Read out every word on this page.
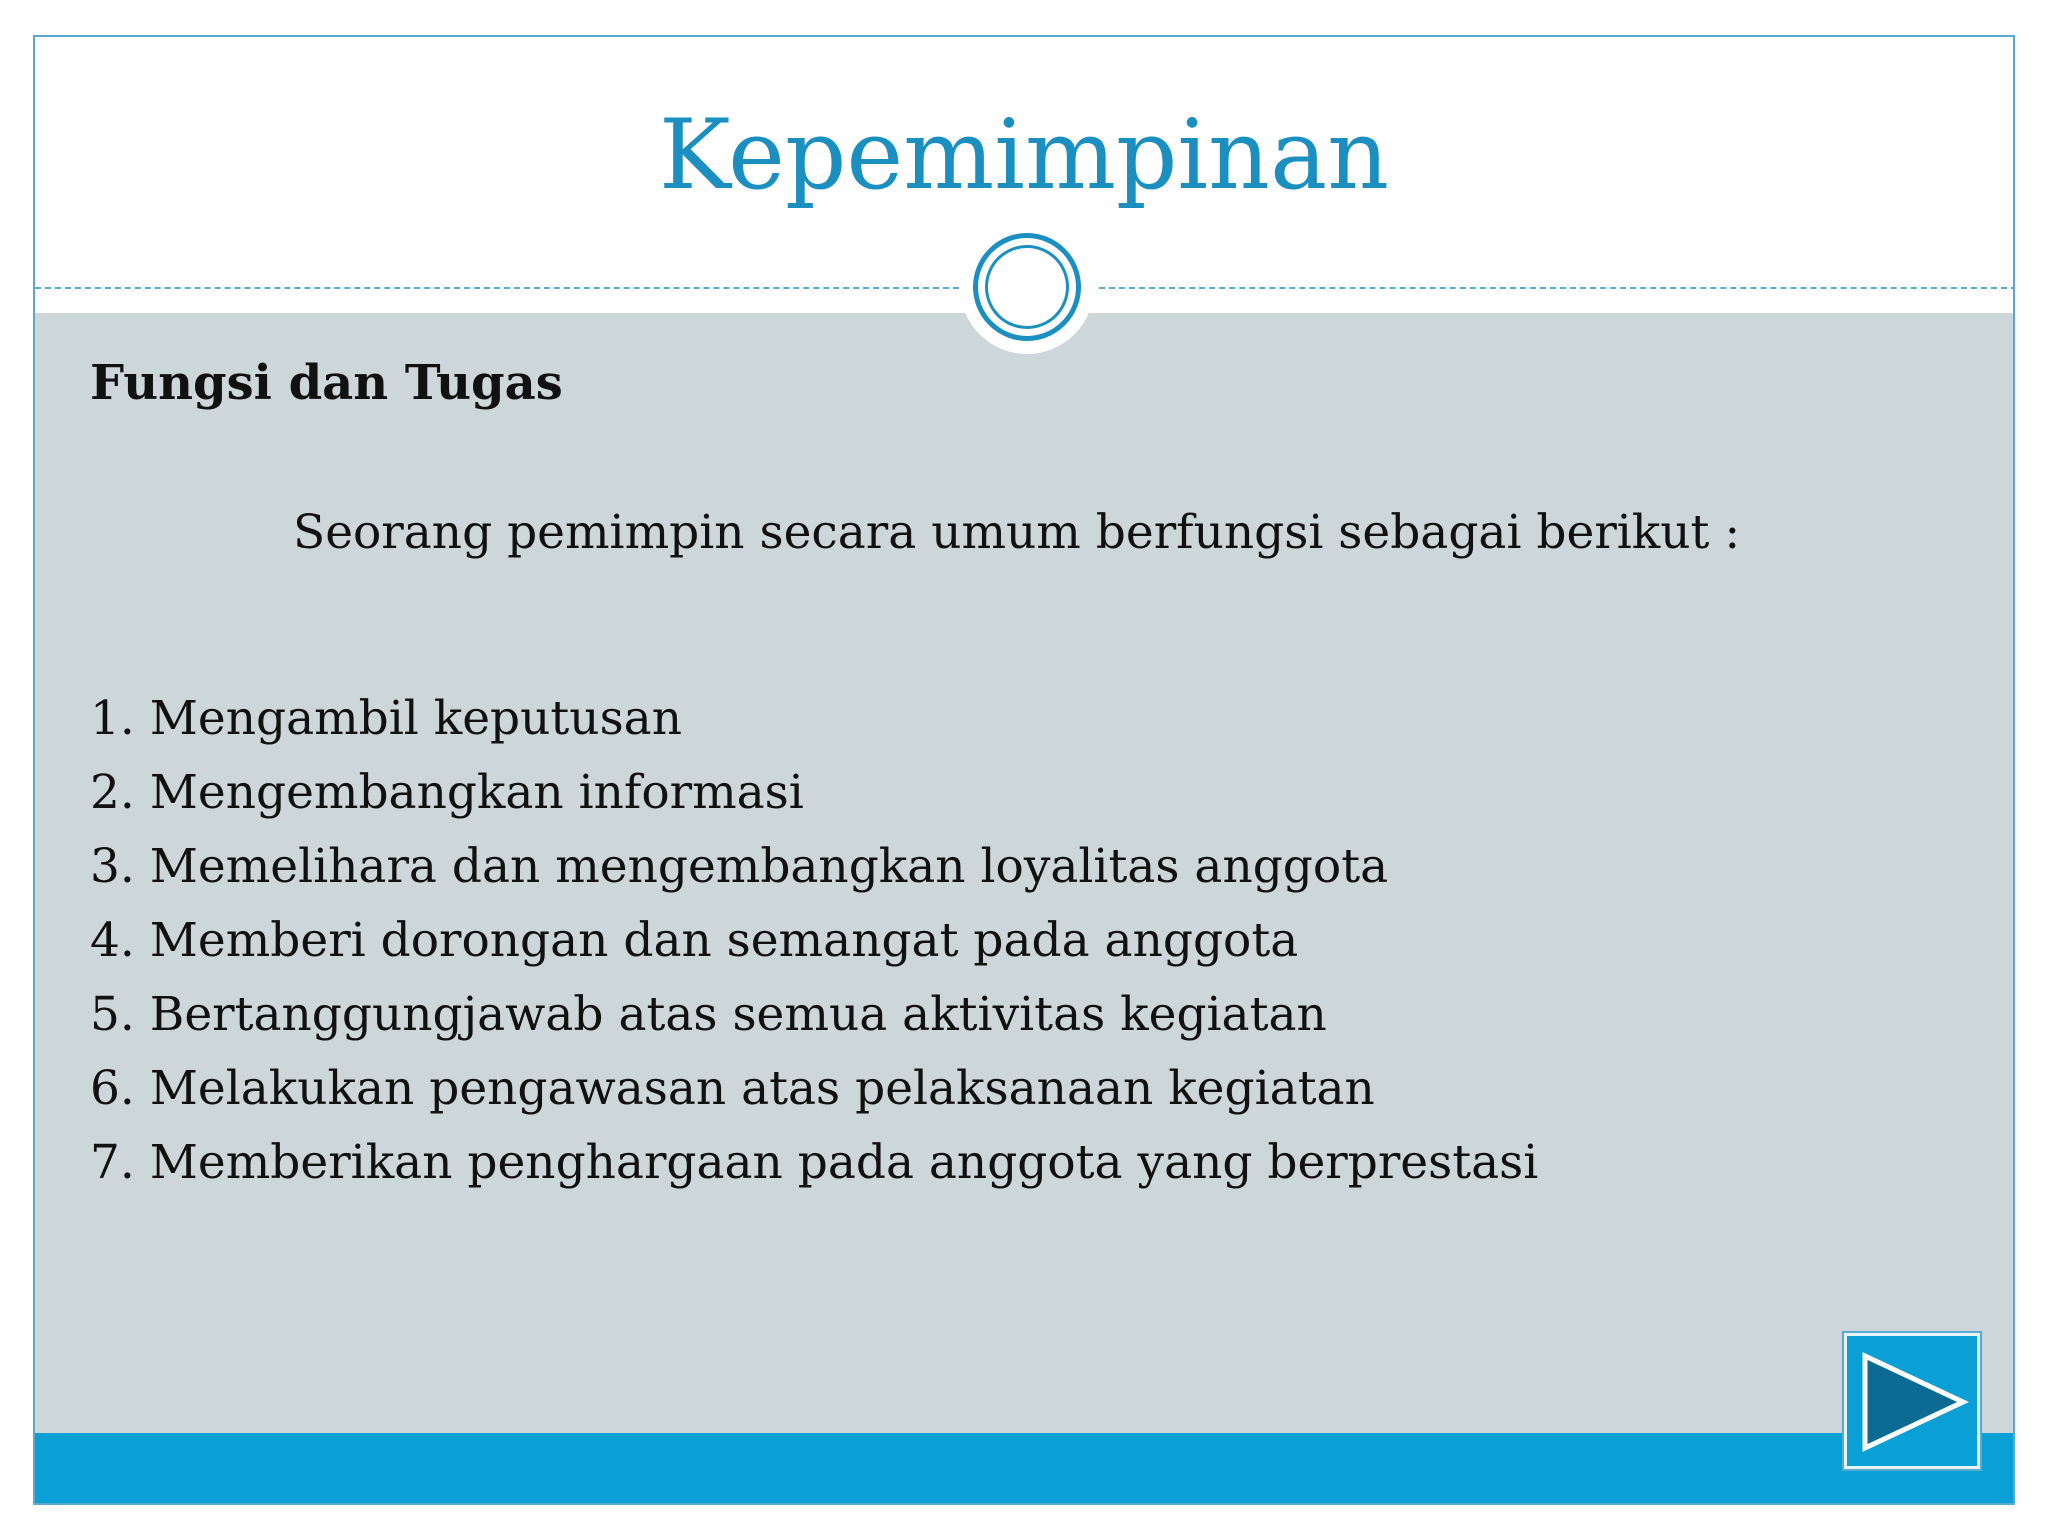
Kepemimpinan
Fungsi dan Tugas

Seorang pemimpin secara umum berfungsi sebagai berikut :

1. Mengambil keputusan
2. Mengembangkan informasi
3. Memelihara dan mengembangkan loyalitas anggota
4. Memberi dorongan dan semangat pada anggota
5. Bertanggungjawab atas semua aktivitas kegiatan
6. Melakukan pengawasan atas pelaksanaan kegiatan
7. Memberikan penghargaan pada anggota yang berprestasi
